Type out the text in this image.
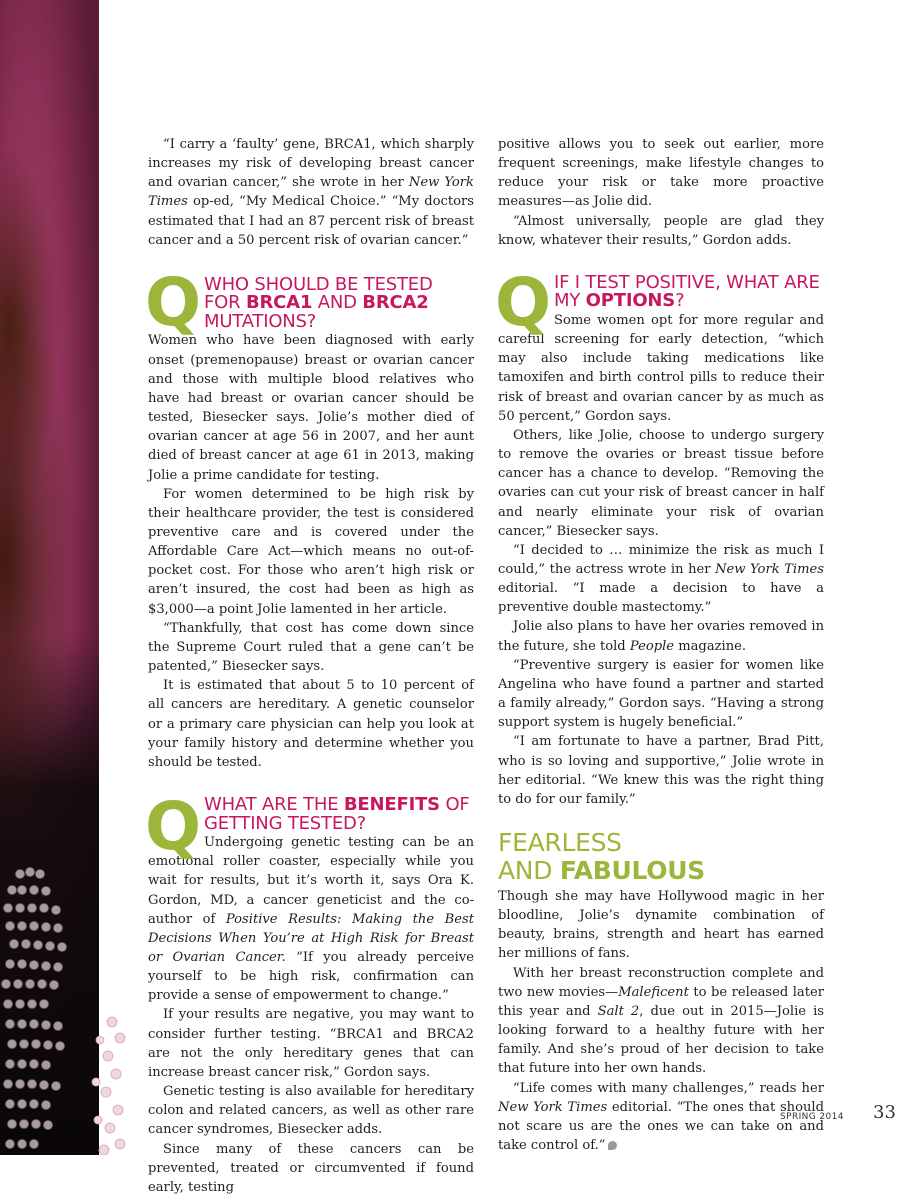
“I carry a ‘faulty’ gene, BRCA1, which sharply increases my risk of developing breast cancer and ovarian cancer,” she wrote in her New York Times op-ed, “My Medical Choice.” “My doctors estimated that I had an 87 percent risk of breast cancer and a 50 percent risk of ovarian cancer.”

Q WHO SHOULD BE TESTED
FOR BRCA1 AND BRCA2
MUTATIONS?

Women who have been diagnosed with early onset (premenopause) breast or ovarian cancer and those with multiple blood relatives who have had breast or ovarian cancer should be tested, Biesecker says. Jolie’s mother died of ovarian cancer at age 56 in 2007, and her aunt died of breast cancer at age 61 in 2013, making Jolie a prime candidate for testing.

For women determined to be high risk by their healthcare provider, the test is considered preventive care and is covered under the Affordable Care Act—which means no out-of-pocket cost. For those who aren’t high risk or aren’t insured, the cost had been as high as $3,000—a point Jolie lamented in her article.

“Thankfully, that cost has come down since the Supreme Court ruled that a gene can’t be patented,” Biesecker says.

It is estimated that about 5 to 10 percent of all cancers are hereditary. A genetic counselor or a primary care physician can help you look at your family history and determine whether you should be tested.

Q WHAT ARE THE BENEFITS OF
GETTING TESTED?

Undergoing genetic testing can be an emotional roller coaster, especially while you wait for results, but it’s worth it, says Ora K. Gordon, MD, a cancer geneticist and the co-author of Positive Results: Making the Best Decisions When You’re at High Risk for Breast or Ovarian Cancer. “If you already perceive yourself to be high risk, confirmation can provide a sense of empowerment to change.”

If your results are negative, you may want to consider further testing. “BRCA1 and BRCA2 are not the only hereditary genes that can increase breast cancer risk,” Gordon says.

Genetic testing is also available for hereditary colon and related cancers, as well as other rare cancer syndromes, Biesecker adds.

Since many of these cancers can be prevented, treated or circumvented if found early, testing

positive allows you to seek out earlier, more frequent screenings, make lifestyle changes to reduce your risk or take more proactive measures—as Jolie did.

“Almost universally, people are glad they know, whatever their results,” Gordon adds.

Q IF I TEST POSITIVE, WHAT ARE
MY OPTIONS?

Some women opt for more regular and careful screening for early detection, “which may also include taking medications like tamoxifen and birth control pills to reduce their risk of breast and ovarian cancer by as much as 50 percent,” Gordon says.

Others, like Jolie, choose to undergo surgery to remove the ovaries or breast tissue before cancer has a chance to develop. “Removing the ovaries can cut your risk of breast cancer in half and nearly eliminate your risk of ovarian cancer,” Biesecker says.

“I decided to … minimize the risk as much I could,” the actress wrote in her New York Times editorial. “I made a decision to have a preventive double mastectomy.”

Jolie also plans to have her ovaries removed in the future, she told People magazine.

“Preventive surgery is easier for women like Angelina who have found a partner and started a family already,” Gordon says. “Having a strong support system is hugely beneficial.”

“I am fortunate to have a partner, Brad Pitt, who is so loving and supportive,” Jolie wrote in her editorial. “We knew this was the right thing to do for our family.”

FEARLESS
AND FABULOUS

Though she may have Hollywood magic in her bloodline, Jolie’s dynamite combination of beauty, brains, strength and heart has earned her millions of fans.

With her breast reconstruction complete and two new movies—Maleficent to be released later this year and Salt 2, due out in 2015—Jolie is looking forward to a healthy future with her family. And she’s proud of her decision to take that future into her own hands.

“Life comes with many challenges,” reads her New York Times editorial. “The ones that should not scare us are the ones we can take on and take control of.”

SPRING 2014 33
